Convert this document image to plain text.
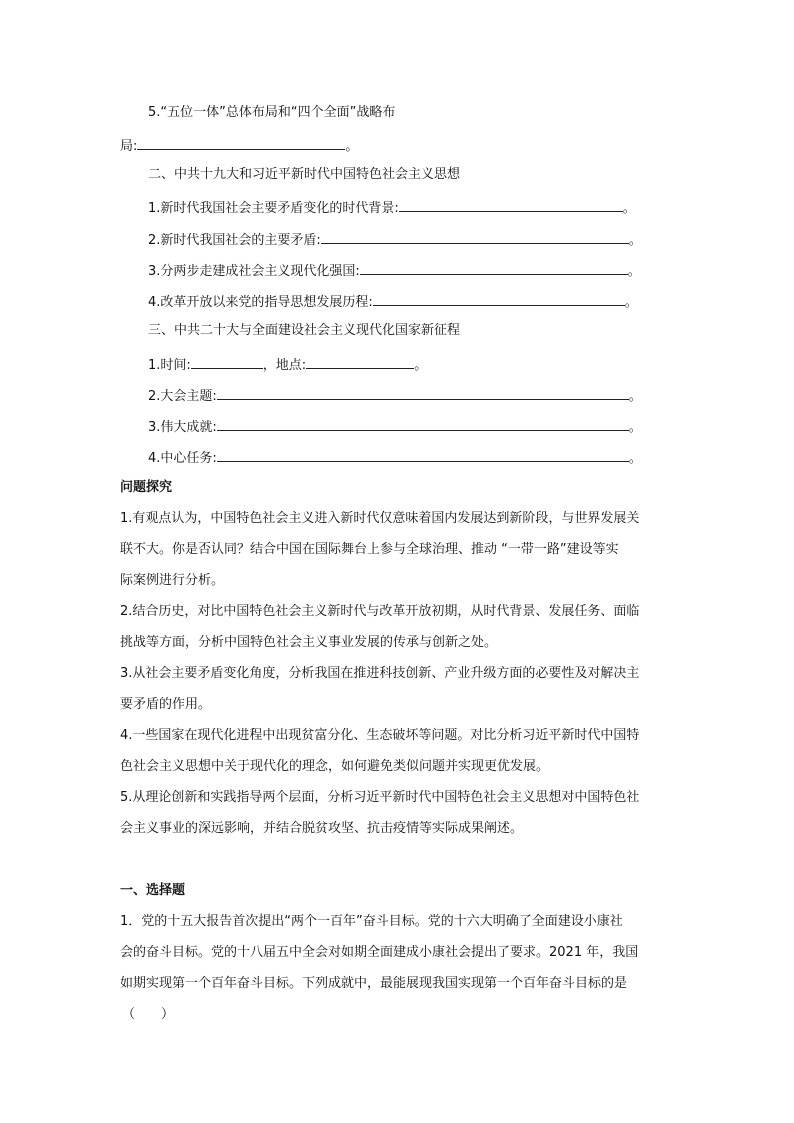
5.“五位一体”总体布局和“四个全面”战略布
局:	。
二、中共十九大和习近平新时代中国特色社会主义思想
1.新时代我国社会主要矛盾变化的时代背景:	。
2.新时代我国社会的主要矛盾:	。
3.分两步走建成社会主义现代化强国:	。
4.改革开放以来党的指导思想发展历程:	。
三、中共二十大与全面建设社会主义现代化国家新征程
1.时间:	，地点:	。
2.大会主题:	。
3.伟大成就:	。
4.中心任务:	。
问题探究
1.有观点认为，中国特色社会主义进入新时代仅意味着国内发展达到新阶段，与世界发展关
联不大。你是否认同？结合中国在国际舞台上参与全球治理、推动 “一带一路”建设等实
际案例进行分析。
2.结合历史，对比中国特色社会主义新时代与改革开放初期，从时代背景、发展任务、面临
挑战等方面，分析中国特色社会主义事业发展的传承与创新之处。
3.从社会主要矛盾变化角度，分析我国在推进科技创新、产业升级方面的必要性及对解决主
要矛盾的作用。
4.一些国家在现代化进程中出现贫富分化、生态破坏等问题。对比分析习近平新时代中国特
色社会主义思想中关于现代化的理念，如何避免类似问题并实现更优发展。
5.从理论创新和实践指导两个层面，分析习近平新时代中国特色社会主义思想对中国特色社
会主义事业的深远影响，并结合脱贫攻坚、抗击疫情等实际成果阐述。
一、选择题
1．党的十五大报告首次提出“两个一百年”奋斗目标。党的十六大明确了全面建设小康社
会的奋斗目标。党的十八届五中全会对如期全面建成小康社会提出了要求。2021 年，我国
如期实现第一个百年奋斗目标。下列成就中，最能展现我国实现第一个百年奋斗目标的是
（　　）
